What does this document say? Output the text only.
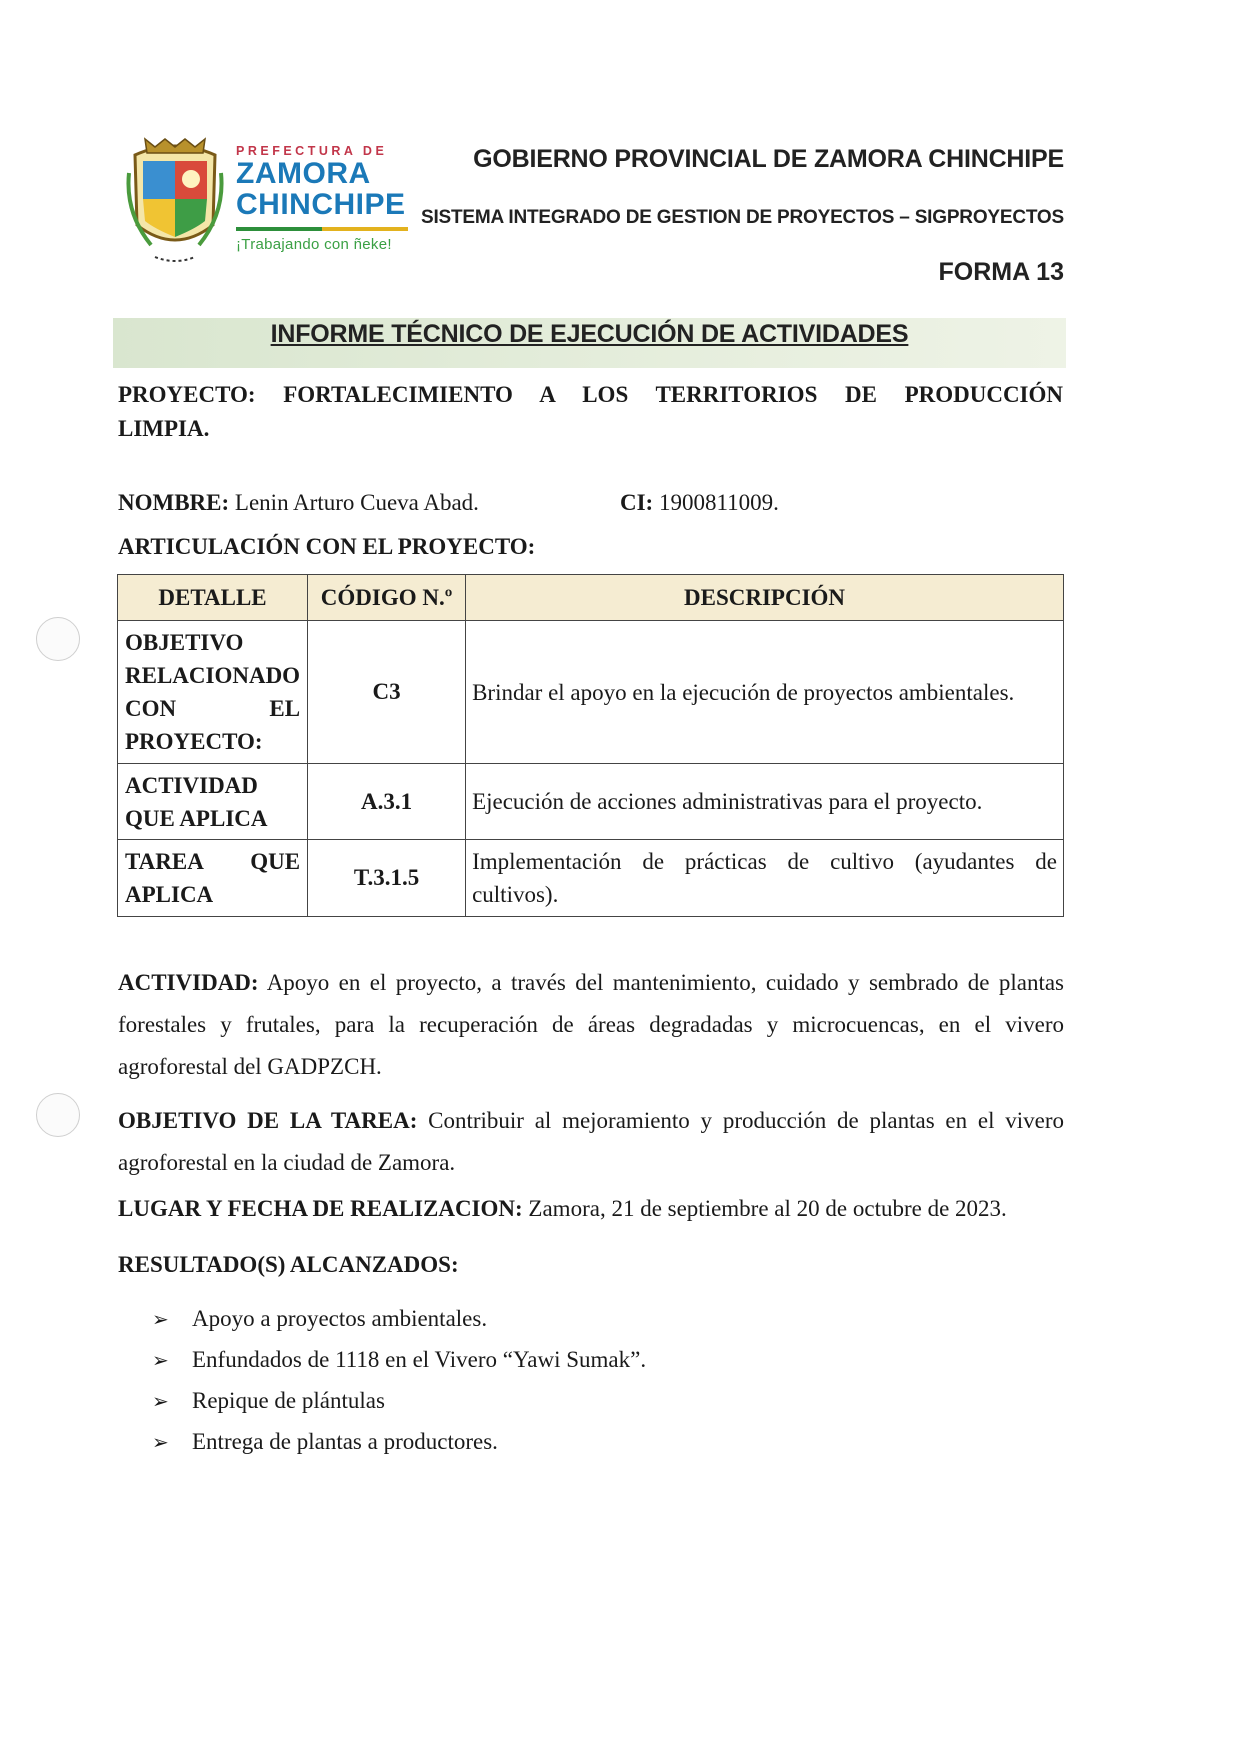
PREFECTURA DE
ZAMORA
CHINCHIPE
¡Trabajando con ñeke!
GOBIERNO PROVINCIAL DE ZAMORA CHINCHIPE
SISTEMA INTEGRADO DE GESTION DE PROYECTOS – SIGPROYECTOS
FORMA 13
INFORME TÉCNICO DE EJECUCIÓN DE ACTIVIDADES
PROYECTO: FORTALECIMIENTO A LOS TERRITORIOS DE PRODUCCIÓN
LIMPIA.
NOMBRE: Lenin Arturo Cueva Abad.	CI: 1900811009.
ARTICULACIÓN CON EL PROYECTO:
DETALLE	CÓDIGO N.º	DESCRIPCIÓN

OBJETIVO
RELACIONADO
CON EL
PROYECTO:	C3	Brindar el apoyo en la ejecución de proyectos ambientales.

ACTIVIDAD
QUE APLICA	A.3.1	Ejecución de acciones administrativas para el proyecto.

TAREA QUE
APLICA	T.3.1.5	Implementación de prácticas de cultivo (ayudantes de cultivos).
ACTIVIDAD: Apoyo en el proyecto, a través del mantenimiento, cuidado y sembrado de plantas forestales y frutales, para la recuperación de áreas degradadas y microcuencas, en el vivero agroforestal del GADPZCH.
OBJETIVO DE LA TAREA: Contribuir al mejoramiento y producción de plantas en el vivero agroforestal en la ciudad de Zamora.
LUGAR Y FECHA DE REALIZACION: Zamora, 21 de septiembre al 20 de octubre de 2023.
RESULTADO(S) ALCANZADOS:
➢ Apoyo a proyectos ambientales.
➢ Enfundados de 1118 en el Vivero “Yawi Sumak”.
➢ Repique de plántulas
➢ Entrega de plantas a productores.
